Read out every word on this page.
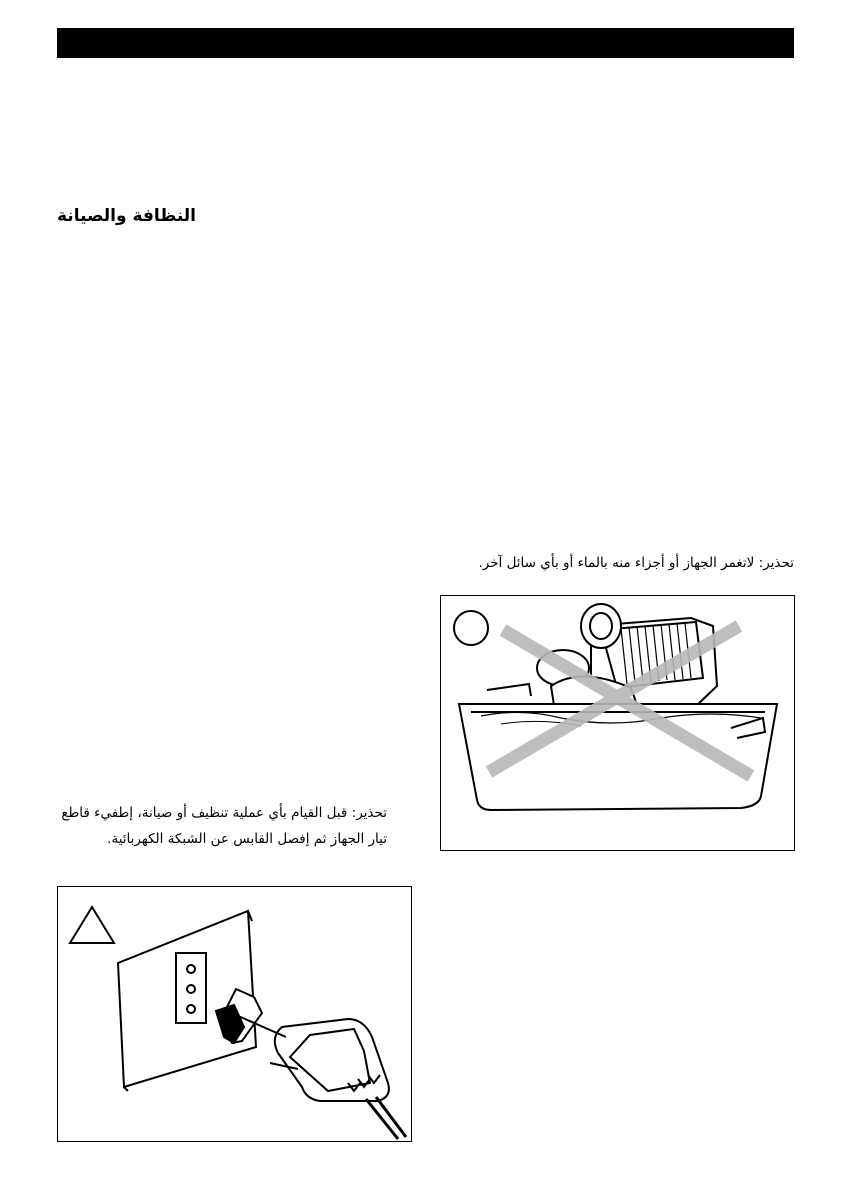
النظافة والصيانة
تحذير: لاتغمر الجهاز أو أجزاء منه بالماء أو بأي سائل آخر.
تحذير: قبل القيام بأي عملية تنظيف أو صيانة، إطفيء قاطع تيار الجهاز ثم إفصل القابس عن الشبكة الكهربائية.
